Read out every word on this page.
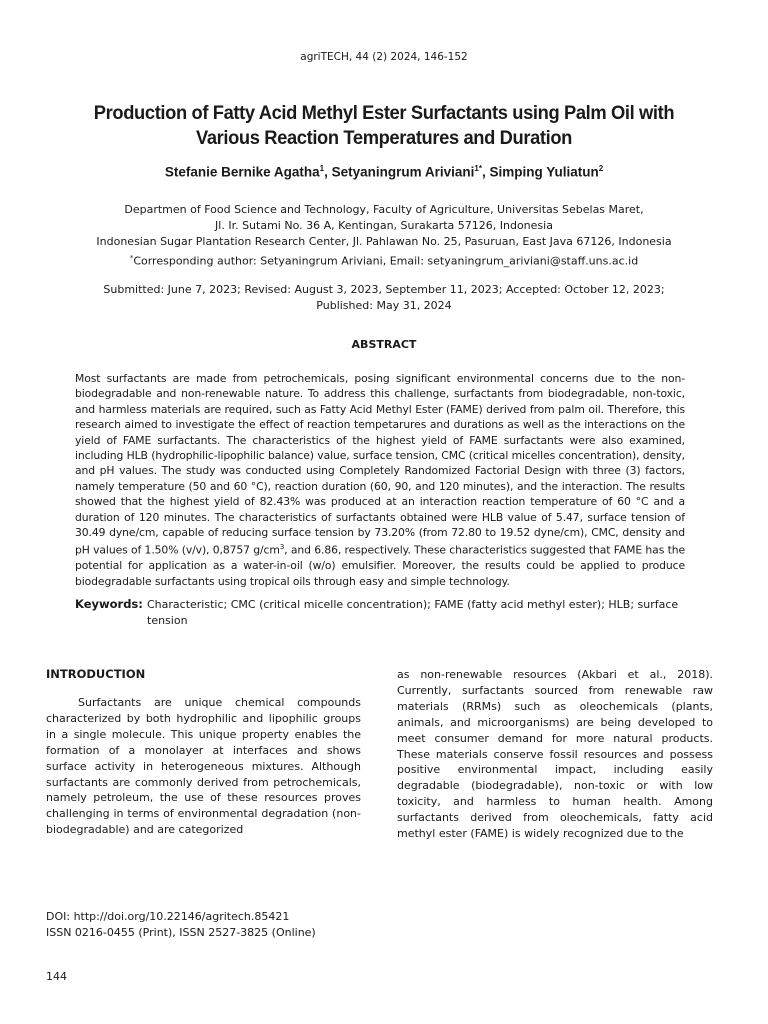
agriTECH, 44 (2) 2024, 146-152
Production of Fatty Acid Methyl Ester Surfactants using Palm Oil with
Various Reaction Temperatures and Duration
Stefanie Bernike Agatha$^1$, Setyaningrum Ariviani$^{1*}$, Simping Yuliatun$^2$
Departmen of Food Science and Technology, Faculty of Agriculture, Universitas Sebelas Maret,
Jl. Ir. Sutami No. 36 A, Kentingan, Surakarta 57126, Indonesia
Indonesian Sugar Plantation Research Center, Jl. Pahlawan No. 25, Pasuruan, East Java 67126, Indonesia
*Corresponding author: Setyaningrum Ariviani, Email: setyaningrum_ariviani@staff.uns.ac.id
Submitted: June 7, 2023; Revised: August 3, 2023, September 11, 2023; Accepted: October 12, 2023;
Published: May 31, 2024
ABSTRACT
Most surfactants are made from petrochemicals, posing significant environmental concerns due to the non-biodegradable and non-renewable nature. To address this challenge, surfactants from biodegradable, non-toxic, and harmless materials are required, such as Fatty Acid Methyl Ester (FAME) derived from palm oil. Therefore, this research aimed to investigate the effect of reaction tempetarures and durations as well as the interactions on the yield of FAME surfactants. The characteristics of the highest yield of FAME surfactants were also examined, including HLB (hydrophilic-lipophilic balance) value, surface tension, CMC (critical micelles concentration), density, and pH values. The study was conducted using Completely Randomized Factorial Design with three (3) factors, namely temperature (50 and 60 °C), reaction duration (60, 90, and 120 minutes), and the interaction. The results showed that the highest yield of 82.43% was produced at an interaction reaction temperature of 60 °C and a duration of 120 minutes. The characteristics of surfactants obtained were HLB value of 5.47, surface tension of 30.49 dyne/cm, capable of reducing surface tension by 73.20% (from 72.80 to 19.52 dyne/cm), CMC, density and pH values of 1.50% (v/v), 0,8757 $g/cm^3$, and 6.86, respectively. These characteristics suggested that FAME has the potential for application as a water-in-oil (w/o) emulsifier. Moreover, the results could be applied to produce biodegradable surfactants using tropical oils through easy and simple technology.
Keywords: Characteristic; CMC (critical micelle concentration); FAME (fatty acid methyl ester); HLB; surface tension
INTRODUCTION
Surfactants are unique chemical compounds characterized by both hydrophilic and lipophilic groups in a single molecule. This unique property enables the formation of a monolayer at interfaces and shows surface activity in heterogeneous mixtures. Although surfactants are commonly derived from petrochemicals, namely petroleum, the use of these resources proves challenging in terms of environmental degradation (non-biodegradable) and are categorized
as non-renewable resources (Akbari et al., 2018). Currently, surfactants sourced from renewable raw materials (RRMs) such as oleochemicals (plants, animals, and microorganisms) are being developed to meet consumer demand for more natural products. These materials conserve fossil resources and possess positive environmental impact, including easily degradable (biodegradable), non-toxic or with low toxicity, and harmless to human health. Among surfactants derived from oleochemicals, fatty acid methyl ester (FAME) is widely recognized due to the
DOI: http://doi.org/10.22146/agritech.85421
ISSN 0216-0455 (Print), ISSN 2527-3825 (Online)
144
